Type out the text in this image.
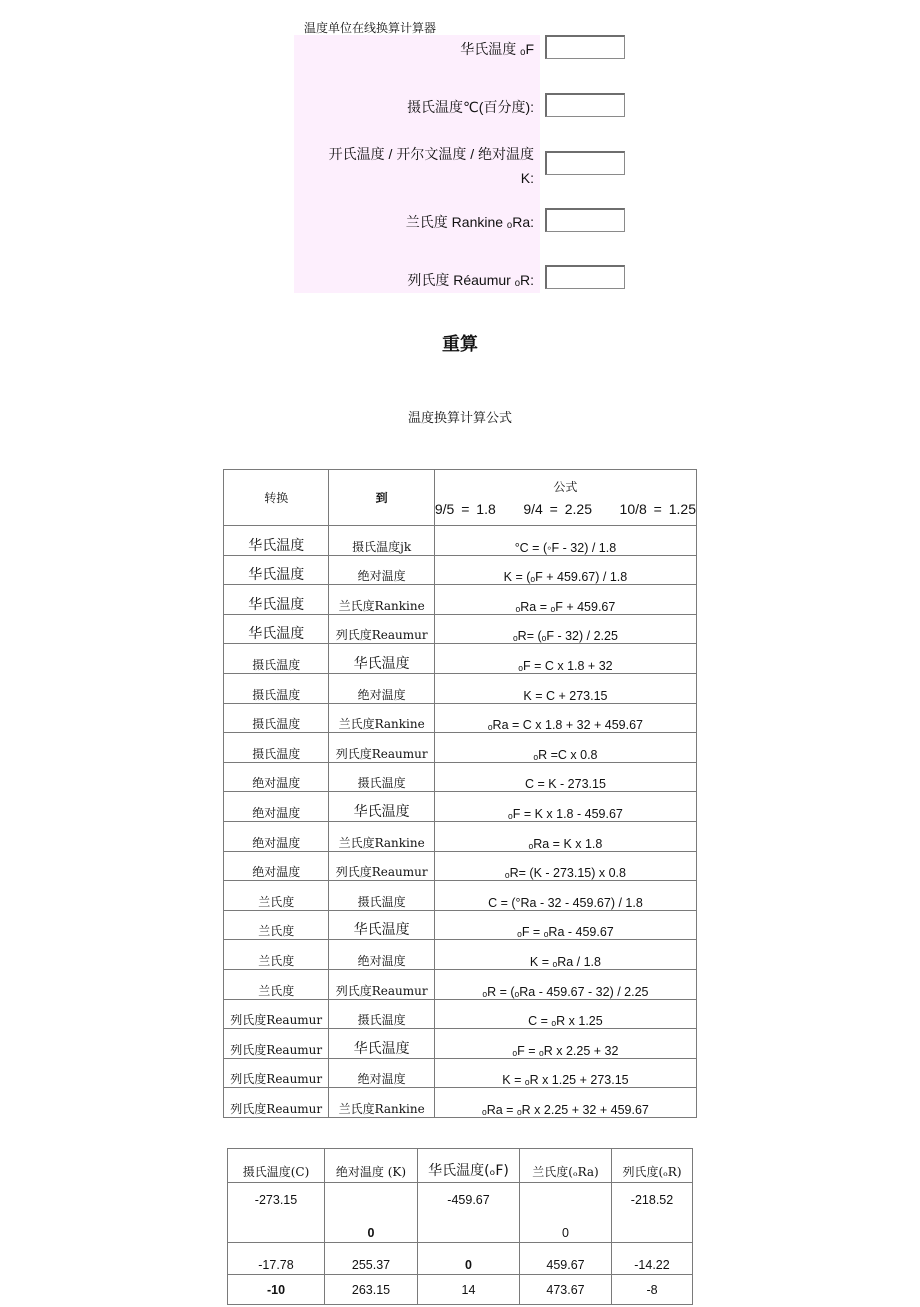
温度单位在线换算计算器
华氏温度 ₒF
摄氏温度℃(百分度):
开氏温度 / 开尔文温度 / 绝对温度
K:
兰氏度 Rankine ₒRa:
列氏度 Réaumur ₒR:
重算
温度换算计算公式
转换	到	公式
9/5 = 1.8    9/4 = 2.25    10/8 = 1.25

华氏温度	摄氏温度jk	°C = (◦F - 32) / 1.8
华氏温度	绝对温度	K = (ₒF + 459.67) / 1.8
华氏温度	兰氏度Rankine	ₒRa = ₒF + 459.67
华氏温度	列氏度Reaumur	ₒR= (ₒF - 32) / 2.25
摄氏温度	华氏温度	ₒF = C x 1.8 + 32
摄氏温度	绝对温度	K = C + 273.15
摄氏温度	兰氏度Rankine	ₒRa = C x 1.8 + 32 + 459.67
摄氏温度	列氏度Reaumur	ₒR =C x 0.8
绝对温度	摄氏温度	C = K - 273.15
绝对温度	华氏温度	ₒF = K x 1.8 - 459.67
绝对温度	兰氏度Rankine	ₒRa = K x 1.8
绝对温度	列氏度Reaumur	ₒR= (K - 273.15) x 0.8
兰氏度	摄氏温度	C = (°Ra - 32 - 459.67) / 1.8
兰氏度	华氏温度	ₒF = ₒRa - 459.67
兰氏度	绝对温度	K = ₒRa / 1.8
兰氏度	列氏度Reaumur	ₒR = (ₒRa - 459.67 - 32) / 2.25
列氏度Reaumur	摄氏温度	C = ₒR x 1.25
列氏度Reaumur	华氏温度	ₒF = ₒR x 2.25 + 32
列氏度Reaumur	绝对温度	K = ₒR x 1.25 + 273.15
列氏度Reaumur	兰氏度Rankine	ₒRa = ₒR x 2.25 + 32 + 459.67
摄氏温度(C)	绝对温度 (K)	华氏温度(ₒF)	兰氏度(ₒRa)	列氏度(ₒR)
-273.15	0	-459.67	0	-218.52
-17.78	255.37	0	459.67	-14.22
-10	263.15	14	473.67	-8
